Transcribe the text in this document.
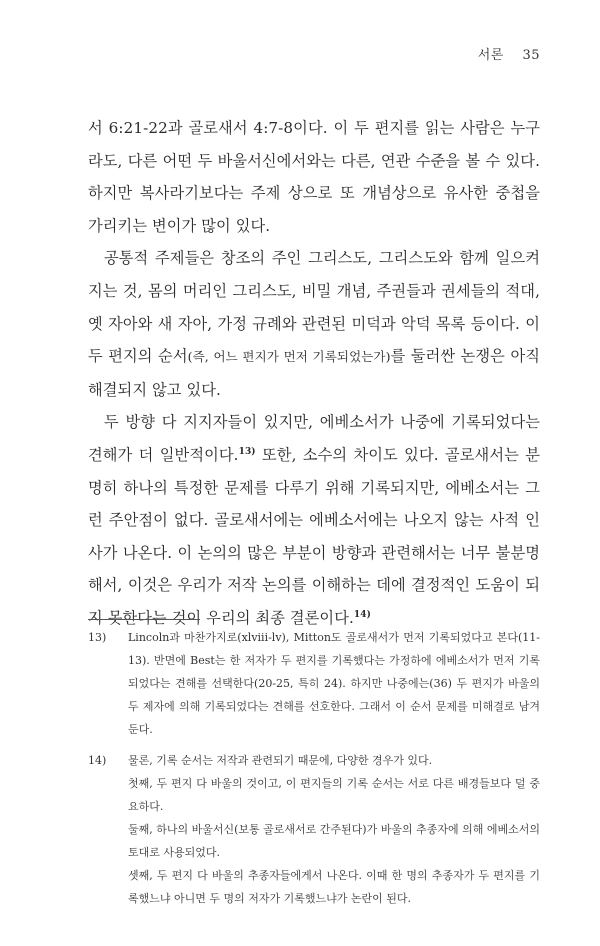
서론 35

서 6:21-22과 골로새서 4:7-8이다. 이 두 편지를 읽는 사람은 누구라도, 다른 어떤 두 바울서신에서와는 다른, 연관 수준을 볼 수 있다. 하지만 복사라기보다는 주제 상으로 또 개념상으로 유사한 중첩을 가리키는 변이가 많이 있다.

공통적 주제들은 창조의 주인 그리스도, 그리스도와 함께 일으켜지는 것, 몸의 머리인 그리스도, 비밀 개념, 주권들과 권세들의 적대, 옛 자아와 새 자아, 가정 규례와 관련된 미덕과 악덕 목록 등이다. 이 두 편지의 순서(즉, 어느 편지가 먼저 기록되었는가)를 둘러싼 논쟁은 아직 해결되지 않고 있다.

두 방향 다 지지자들이 있지만, 에베소서가 나중에 기록되었다는 견해가 더 일반적이다.$^{13)}$ 또한, 소수의 차이도 있다. 골로새서는 분명히 하나의 특정한 문제를 다루기 위해 기록되지만, 에베소서는 그런 주안점이 없다. 골로새서에는 에베소서에는 나오지 않는 사적 인사가 나온다. 이 논의의 많은 부분이 방향과 관련해서는 너무 불분명해서, 이것은 우리가 저작 논의를 이해하는 데에 결정적인 도움이 되지 못한다는 것이 우리의 최종 결론이다.$^{14)}$

13) Lincoln과 마찬가지로(xlviii-lv), Mitton도 골로새서가 먼저 기록되었다고 본다(11-13). 반면에 Best는 한 저자가 두 편지를 기록했다는 가정하에 에베소서가 먼저 기록되었다는 견해를 선택한다(20-25, 특히 24). 하지만 나중에는(36) 두 편지가 바울의 두 제자에 의해 기록되었다는 견해를 선호한다. 그래서 이 순서 문제를 미해결로 남겨 둔다.
14) 물론, 기록 순서는 저작과 관련되기 때문에, 다양한 경우가 있다.
첫째, 두 편지 다 바울의 것이고, 이 편지들의 기록 순서는 서로 다른 배경들보다 덜 중요하다.
둘째, 하나의 바울서신(보통 골로새서로 간주된다)가 바울의 추종자에 의해 에베소서의 토대로 사용되었다.
셋째, 두 편지 다 바울의 추종자들에게서 나온다. 이때 한 명의 추종자가 두 편지를 기록했느냐 아니면 두 명의 저자가 기록했느냐가 논란이 된다.
